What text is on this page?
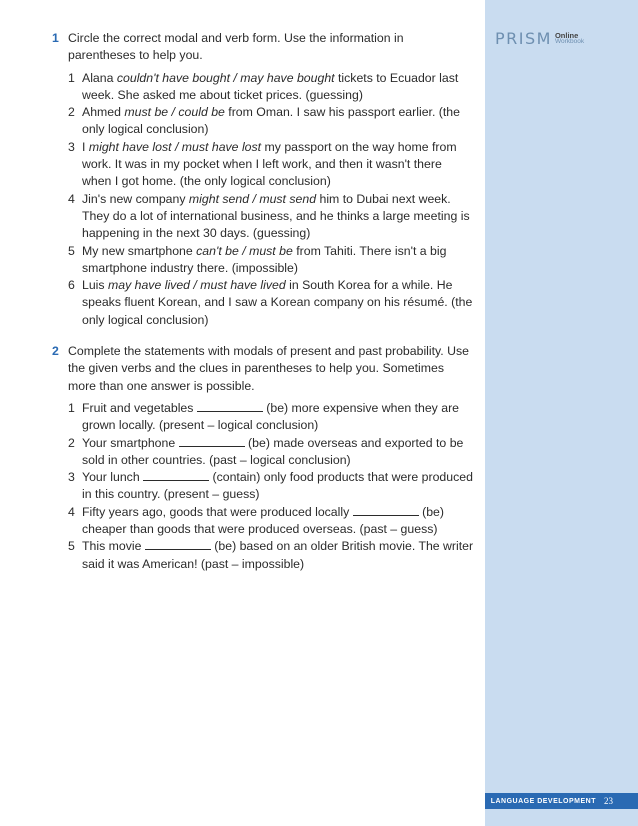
PRISM Online
Workbook
LANGUAGE DEVELOPMENT 23
1 Circle the correct modal and verb form. Use the information in parentheses to help you.
1 Alana couldn't have bought / may have bought tickets to Ecuador last week. She asked me about ticket prices. (guessing)
2 Ahmed must be / could be from Oman. I saw his passport earlier. (the only logical conclusion)
3 I might have lost / must have lost my passport on the way home from work. It was in my pocket when I left work, and then it wasn't there when I got home. (the only logical conclusion)
4 Jin's new company might send / must send him to Dubai next week. They do a lot of international business, and he thinks a large meeting is happening in the next 30 days. (guessing)
5 My new smartphone can't be / must be from Tahiti. There isn't a big smartphone industry there. (impossible)
6 Luis may have lived / must have lived in South Korea for a while. He speaks fluent Korean, and I saw a Korean company on his résumé. (the only logical conclusion)
2 Complete the statements with modals of present and past probability. Use the given verbs and the clues in parentheses to help you. Sometimes more than one answer is possible.
1 Fruit and vegetables	(be) more expensive when they are grown locally. (present – logical conclusion)
2 Your smartphone	(be) made overseas and exported to be sold in other countries. (past – logical conclusion)
3 Your lunch	(contain) only food products that were produced in this country. (present – guess)
4 Fifty years ago, goods that were produced locally	(be) cheaper than goods that were produced overseas. (past – guess)
5 This movie	(be) based on an older British movie. The writer said it was American! (past – impossible)
